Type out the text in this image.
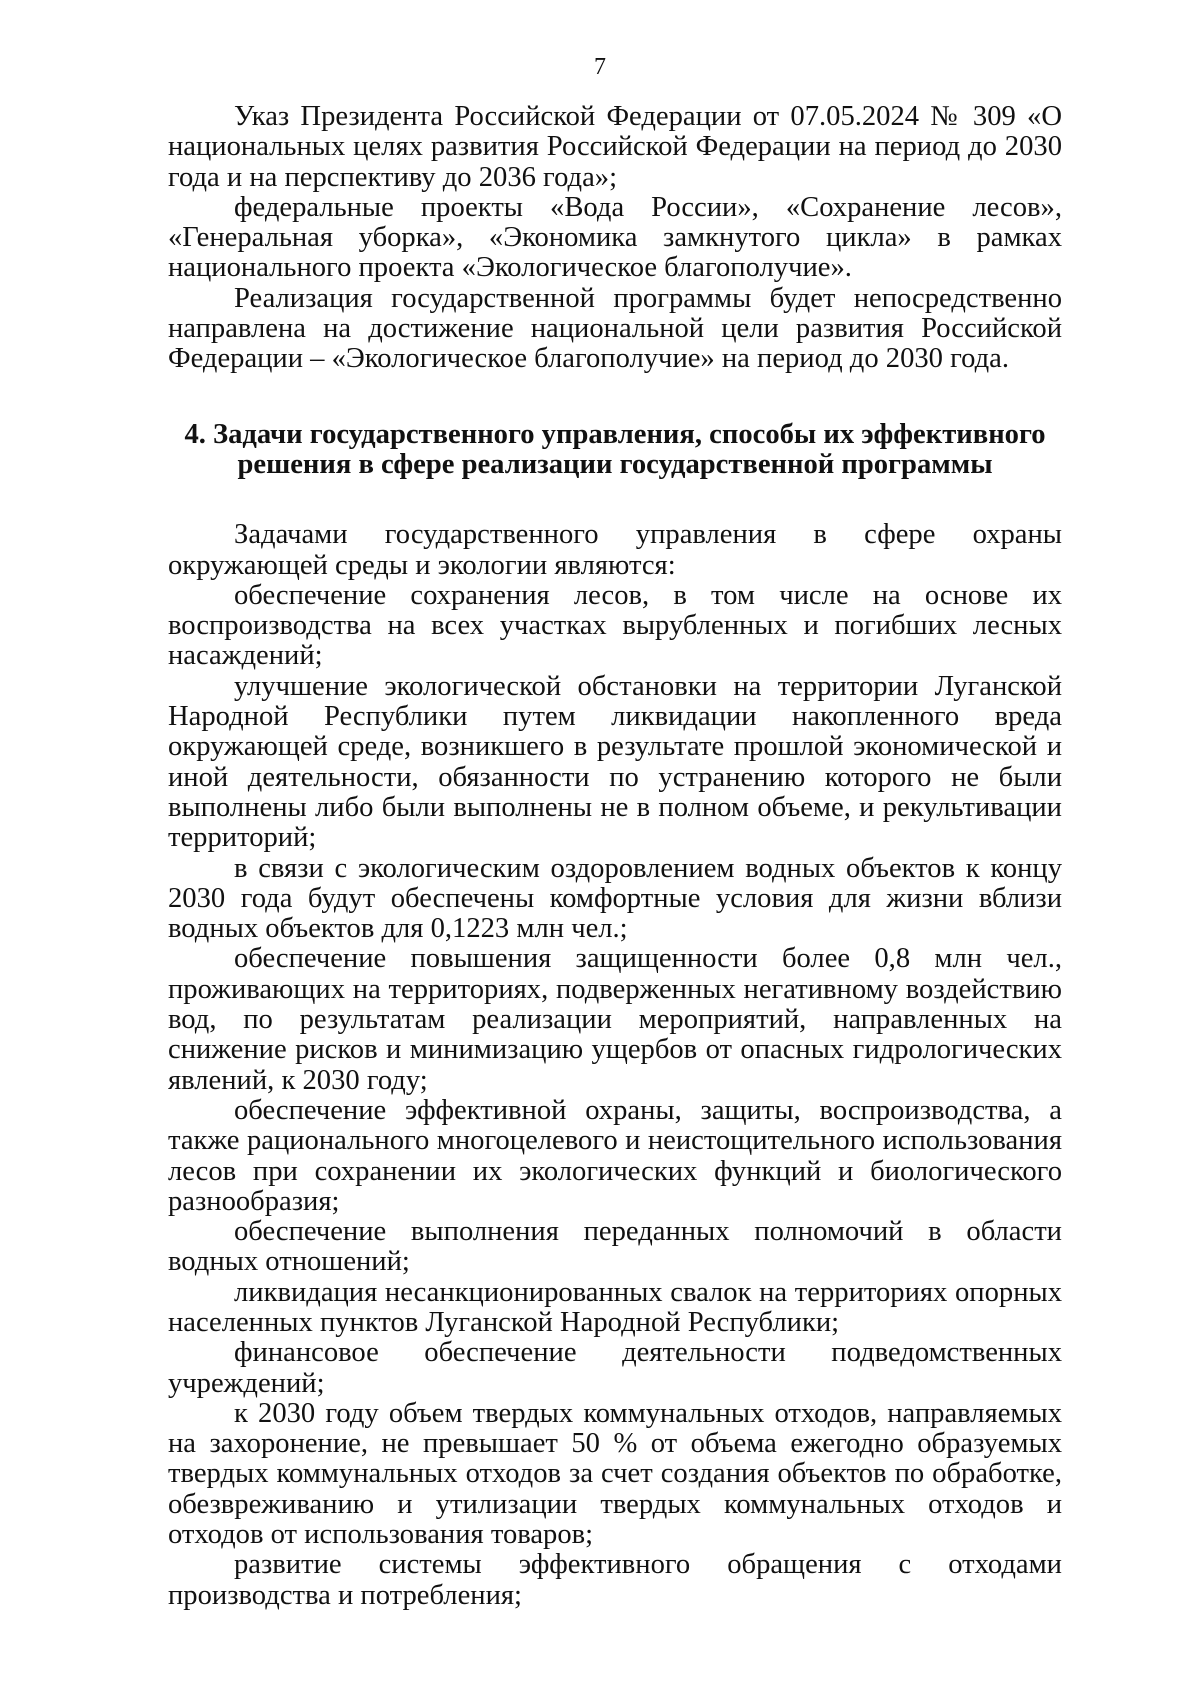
7

Указ Президента Российской Федерации от 07.05.2024 № 309 «О национальных целях развития Российской Федерации на период до 2030 года и на перспективу до 2036 года»;

федеральные проекты «Вода России», «Сохранение лесов», «Генеральная уборка», «Экономика замкнутого цикла» в рамках национального проекта «Экологическое благополучие».

Реализация государственной программы будет непосредственно направлена на достижение национальной цели развития Российской Федерации – «Экологическое благополучие» на период до 2030 года.

4. Задачи государственного управления, способы их эффективного решения в сфере реализации государственной программы

Задачами государственного управления в сфере охраны окружающей среды и экологии являются:

обеспечение сохранения лесов, в том числе на основе их воспроизводства на всех участках вырубленных и погибших лесных насаждений;

улучшение экологической обстановки на территории Луганской Народной Республики путем ликвидации накопленного вреда окружающей среде, возникшего в результате прошлой экономической и иной деятельности, обязанности по устранению которого не были выполнены либо были выполнены не в полном объеме, и рекультивации территорий;

в связи с экологическим оздоровлением водных объектов к концу 2030 года будут обеспечены комфортные условия для жизни вблизи водных объектов для 0,1223 млн чел.;

обеспечение повышения защищенности более 0,8 млн чел., проживающих на территориях, подверженных негативному воздействию вод, по результатам реализации мероприятий, направленных на снижение рисков и минимизацию ущербов от опасных гидрологических явлений, к 2030 году;

обеспечение эффективной охраны, защиты, воспроизводства, а также рационального многоцелевого и неистощительного использования лесов при сохранении их экологических функций и биологического разнообразия;

обеспечение выполнения переданных полномочий в области водных отношений;

ликвидация несанкционированных свалок на территориях опорных населенных пунктов Луганской Народной Республики;

финансовое обеспечение деятельности подведомственных учреждений;

к 2030 году объем твердых коммунальных отходов, направляемых на захоронение, не превышает 50 % от объема ежегодно образуемых твердых коммунальных отходов за счет создания объектов по обработке, обезвреживанию и утилизации твердых коммунальных отходов и отходов от использования товаров;

развитие системы эффективного обращения с отходами производства и потребления;
